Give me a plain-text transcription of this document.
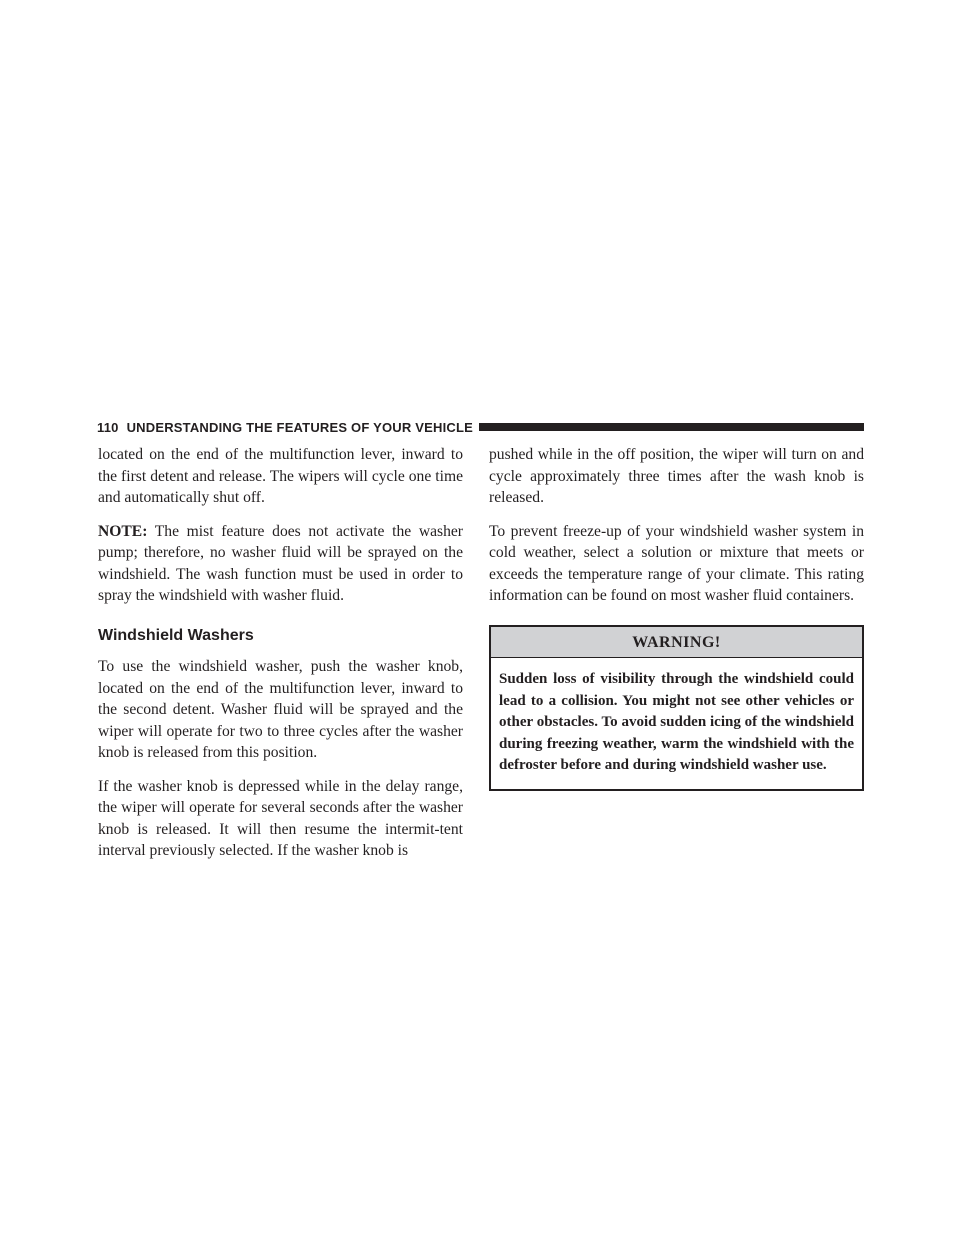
110 UNDERSTANDING THE FEATURES OF YOUR VEHICLE

located on the end of the multifunction lever, inward to the first detent and release. The wipers will cycle one time and automatically shut off.

NOTE: The mist feature does not activate the washer pump; therefore, no washer fluid will be sprayed on the windshield. The wash function must be used in order to spray the windshield with washer fluid.

Windshield Washers

To use the windshield washer, push the washer knob, located on the end of the multifunction lever, inward to the second detent. Washer fluid will be sprayed and the wiper will operate for two to three cycles after the washer knob is released from this position.

If the washer knob is depressed while in the delay range, the wiper will operate for several seconds after the washer knob is released. It will then resume the intermit-tent interval previously selected. If the washer knob is

pushed while in the off position, the wiper will turn on and cycle approximately three times after the wash knob is released.

To prevent freeze-up of your windshield washer system in cold weather, select a solution or mixture that meets or exceeds the temperature range of your climate. This rating information can be found on most washer fluid containers.

WARNING!
Sudden loss of visibility through the windshield could lead to a collision. You might not see other vehicles or other obstacles. To avoid sudden icing of the windshield during freezing weather, warm the windshield with the defroster before and during windshield washer use.
